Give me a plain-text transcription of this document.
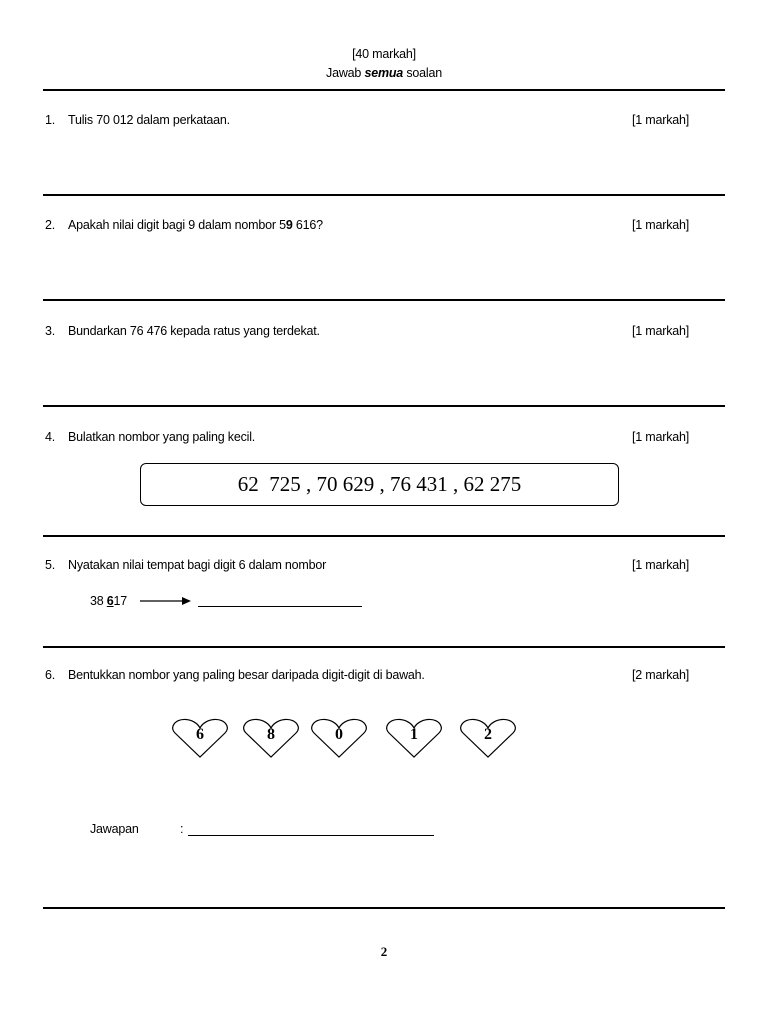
[40 markah]
Jawab semua soalan
1. Tulis 70 012 dalam perkataan.	[1 markah]
2. Apakah nilai digit bagi 9 dalam nombor 59 616?	[1 markah]
3. Bundarkan 76 476 kepada ratus yang terdekat.	[1 markah]
4. Bulatkan nombor yang paling kecil.	[1 markah]
62  725 , 70 629 , 76 431 , 62 275
5. Nyatakan nilai tempat bagi digit 6 dalam nombor	[1 markah]
38 617
6. Bentukkan nombor yang paling besar daripada digit-digit di bawah.	[2 markah]
6	8	0	1	2
Jawapan	:
2
